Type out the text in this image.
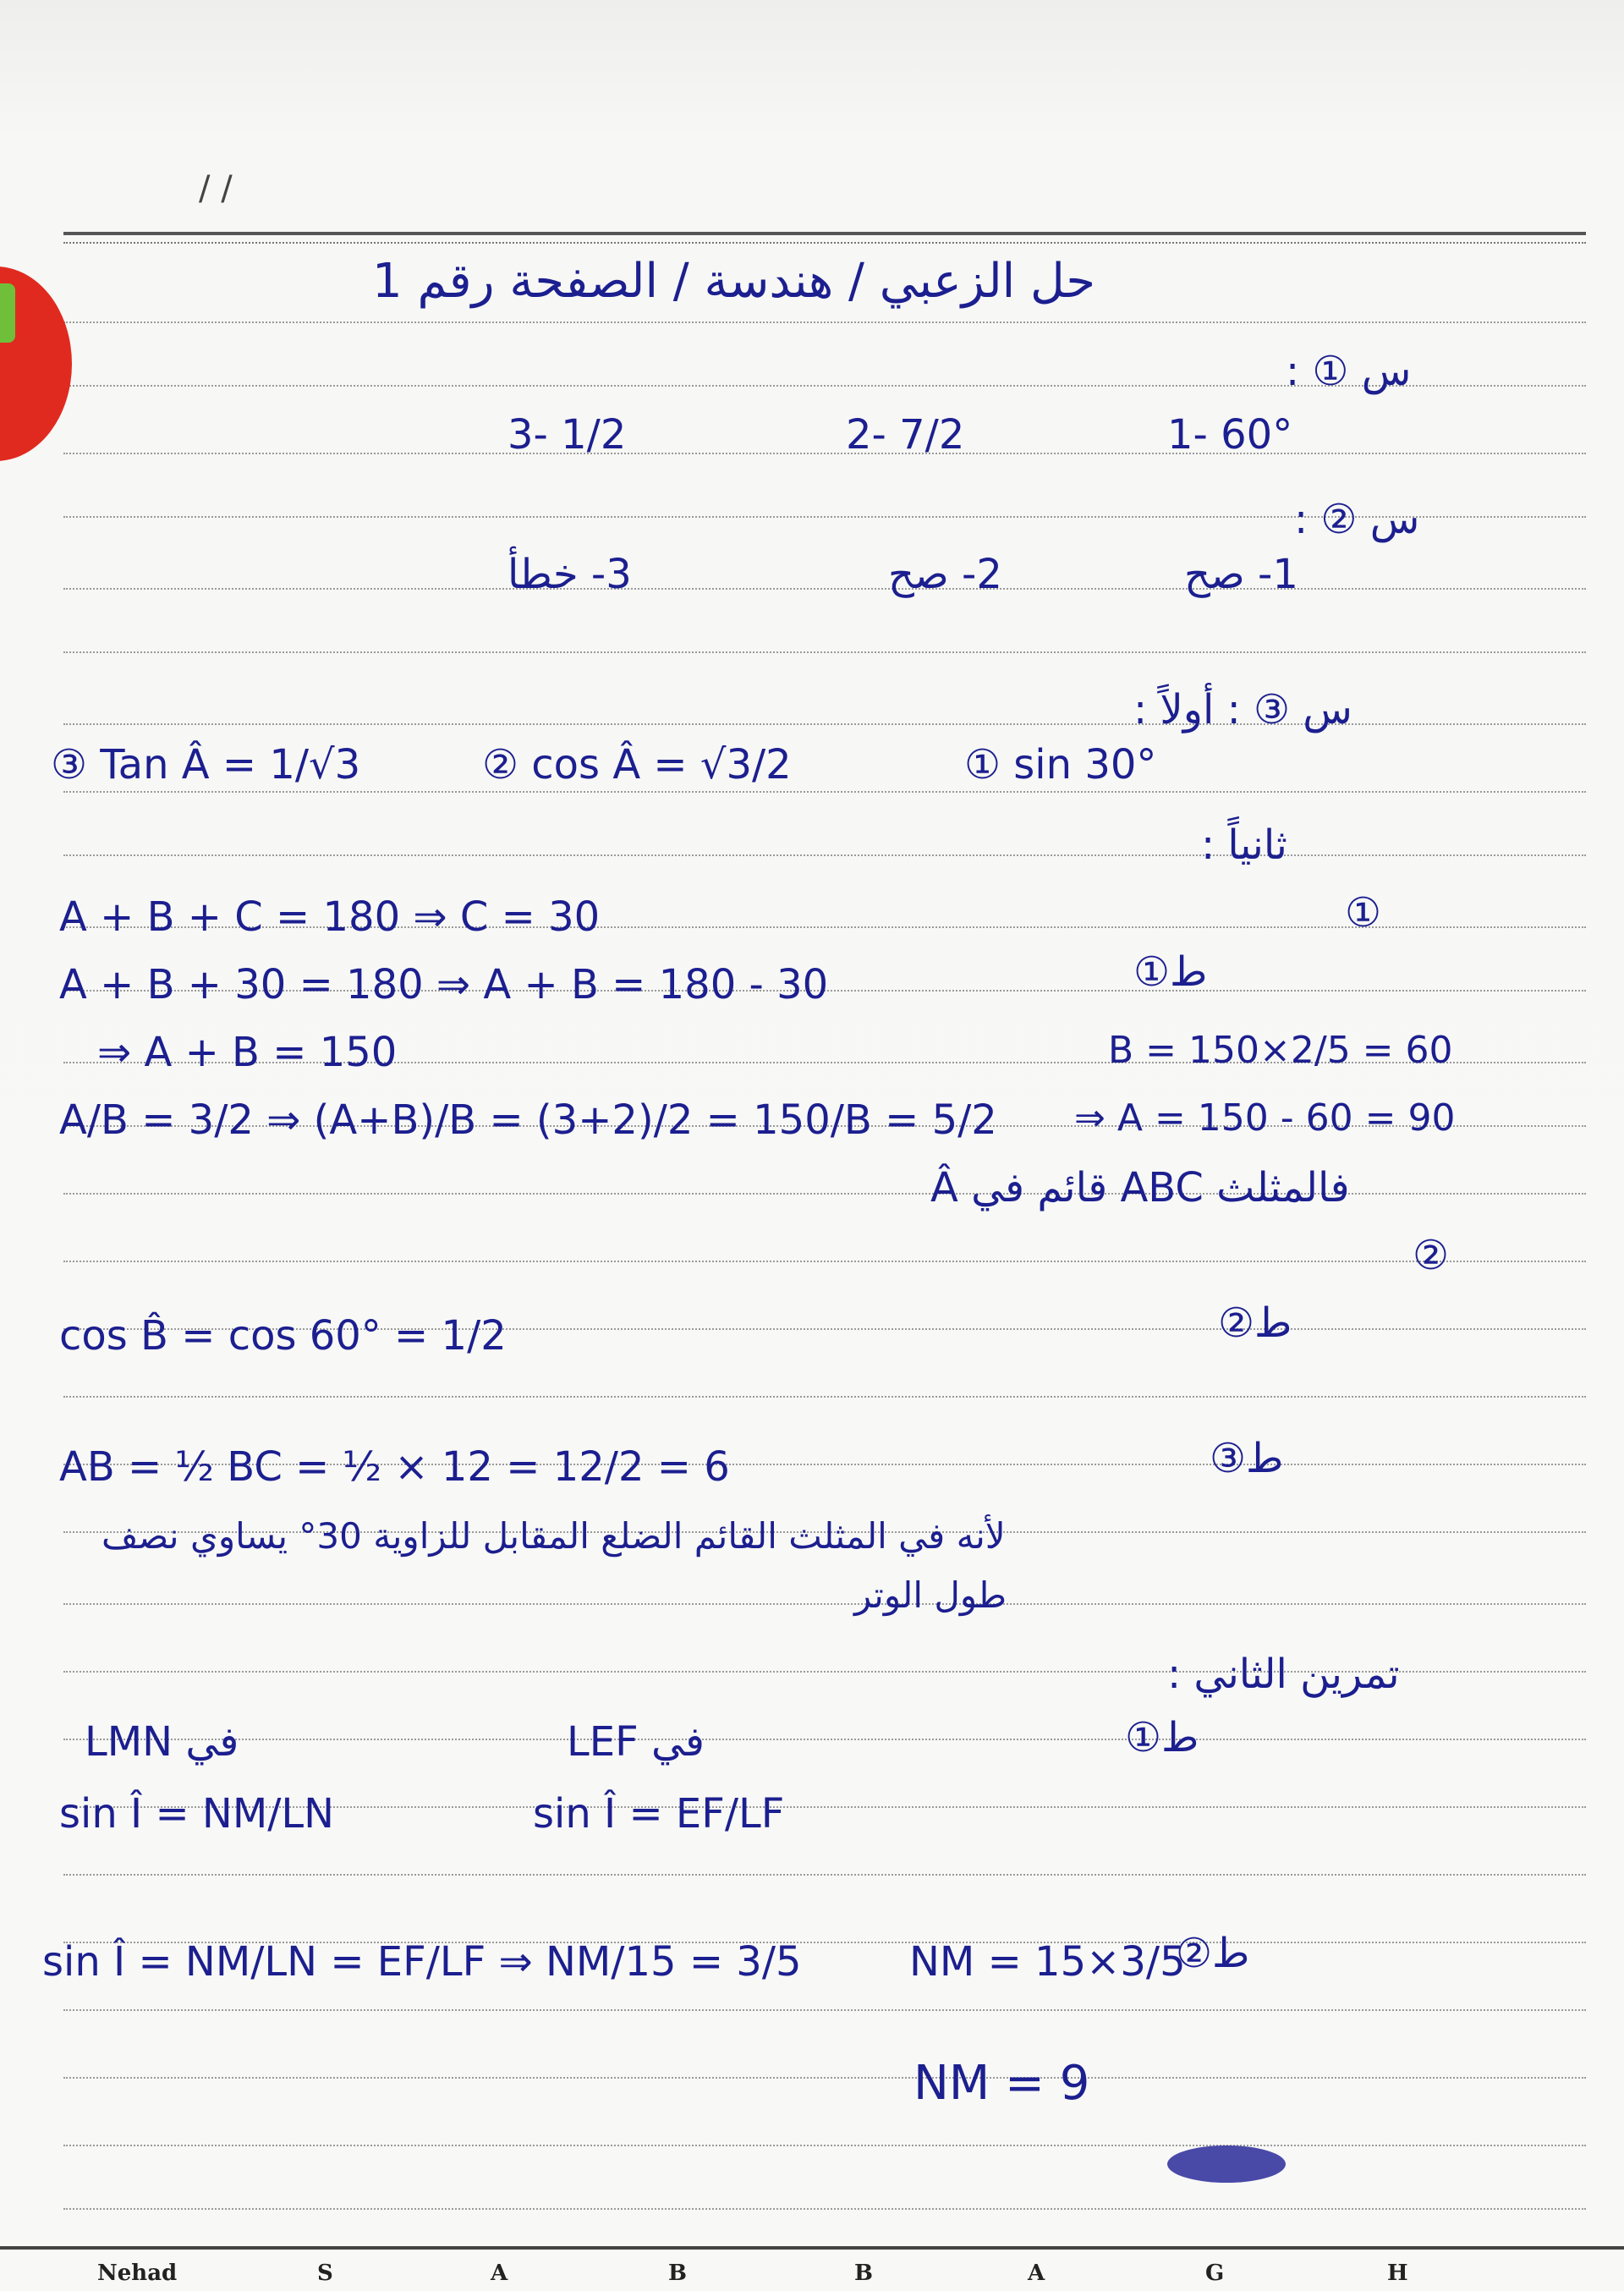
/ /
حل الزعبي / هندسة / الصفحة رقم 1
س ① :
1- 60°
2- 7/2
3- 1/2
س ② :
1- صح
2- صح
3- خطأ
س ③ : أولاً :
① sin 30°
② cos Â = √3/2
③ Tan Â = 1/√3
ثانياً :
①
A + B + C = 180 ⇒ C = 30
A + B + 30 = 180 ⇒ A + B = 180 - 30	ط①
⇒ A + B = 150	B = 150×2/5 = 60
A/B = 3/2 ⇒ (A+B)/B = (3+2)/2 = 150/B = 5/2 ⇒ A = 150 - 60 = 90
فالمثلث ABC قائم في Â
②
cos B̂ = cos 60° = 1/2	ط②
AB = ½ BC = ½ × 12 = 12/2 = 6	ط③
لأنه في المثلث القائم الضلع المقابل للزاوية 30° يساوي نصف
طول الوتر
تمرين الثاني :
ط①
في LMN
sin Î = NM/LN
في LEF
sin Î = EF/LF
sin Î = NM/LN = EF/LF ⇒ NM/15 = 3/5	NM = 15×3/5
ط②
NM = 9
Nehad	S	A	B	B	A	G	H
